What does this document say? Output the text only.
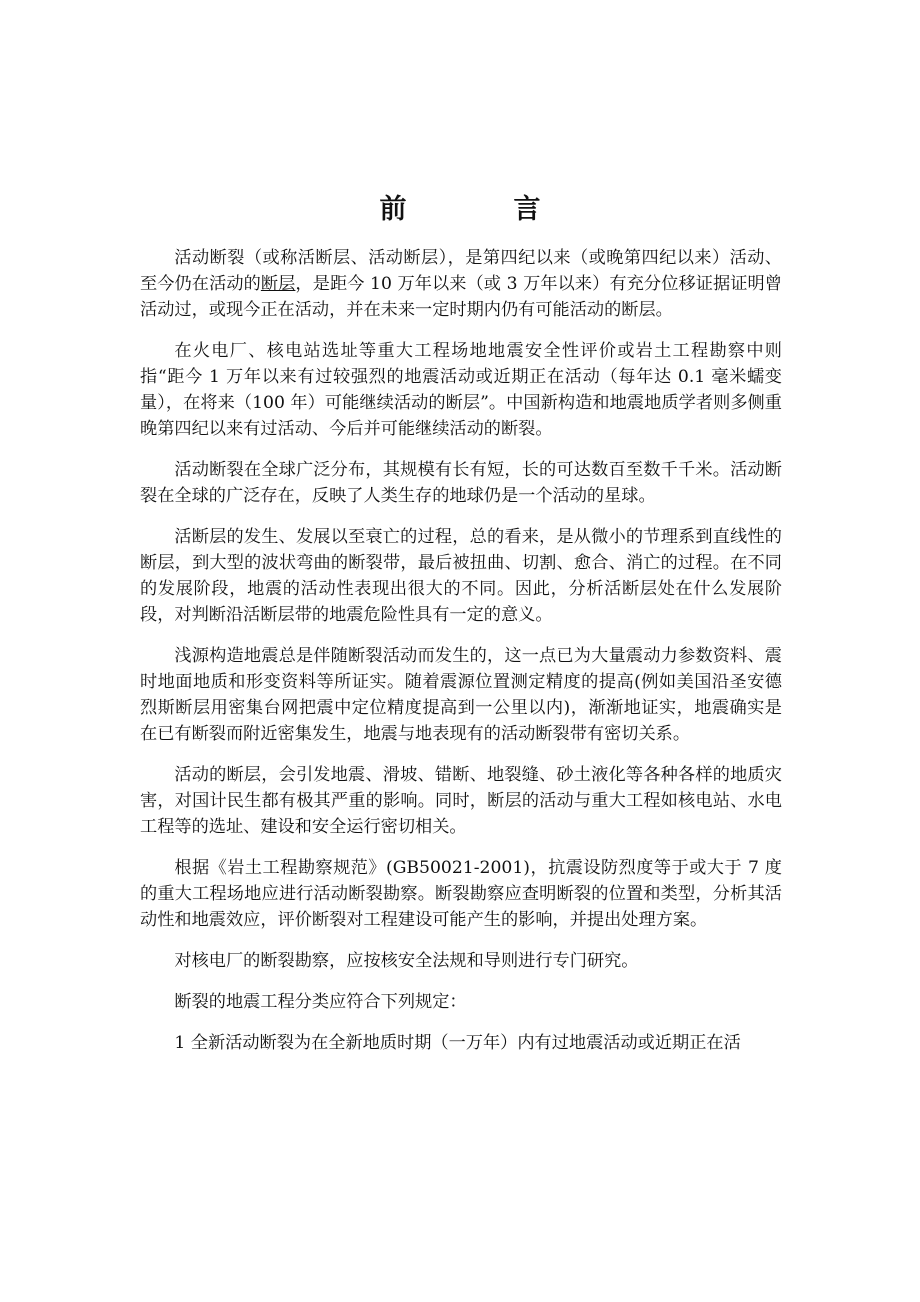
前　言

活动断裂（或称活断层、活动断层），是第四纪以来（或晚第四纪以来）活动、至今仍在活动的断层，是距今 10 万年以来（或 3 万年以来）有充分位移证据证明曾活动过，或现今正在活动，并在未来一定时期内仍有可能活动的断层。

在火电厂、核电站选址等重大工程场地地震安全性评价或岩土工程勘察中则指“距今 1 万年以来有过较强烈的地震活动或近期正在活动（每年达 0.1 毫米蠕变量），在将来（100 年）可能继续活动的断层”。中国新构造和地震地质学者则多侧重晚第四纪以来有过活动、今后并可能继续活动的断裂。

活动断裂在全球广泛分布，其规模有长有短，长的可达数百至数千千米。活动断裂在全球的广泛存在，反映了人类生存的地球仍是一个活动的星球。

活断层的发生、发展以至衰亡的过程，总的看来，是从微小的节理系到直线性的断层，到大型的波状弯曲的断裂带，最后被扭曲、切割、愈合、消亡的过程。在不同的发展阶段，地震的活动性表现出很大的不同。因此，分析活断层处在什么发展阶段，对判断沿活断层带的地震危险性具有一定的意义。

浅源构造地震总是伴随断裂活动而发生的，这一点已为大量震动力参数资料、震时地面地质和形变资料等所证实。随着震源位置测定精度的提高(例如美国沿圣安德烈斯断层用密集台网把震中定位精度提高到一公里以内)，渐渐地证实，地震确实是在已有断裂而附近密集发生，地震与地表现有的活动断裂带有密切关系。

活动的断层，会引发地震、滑坡、错断、地裂缝、砂土液化等各种各样的地质灾害，对国计民生都有极其严重的影响。同时，断层的活动与重大工程如核电站、水电工程等的选址、建设和安全运行密切相关。

根据《岩土工程勘察规范》(GB50021-2001)，抗震设防烈度等于或大于 7 度的重大工程场地应进行活动断裂勘察。断裂勘察应查明断裂的位置和类型，分析其活动性和地震效应，评价断裂对工程建设可能产生的影响，并提出处理方案。

对核电厂的断裂勘察，应按核安全法规和导则进行专门研究。

断裂的地震工程分类应符合下列规定：

1 全新活动断裂为在全新地质时期（一万年）内有过地震活动或近期正在活
